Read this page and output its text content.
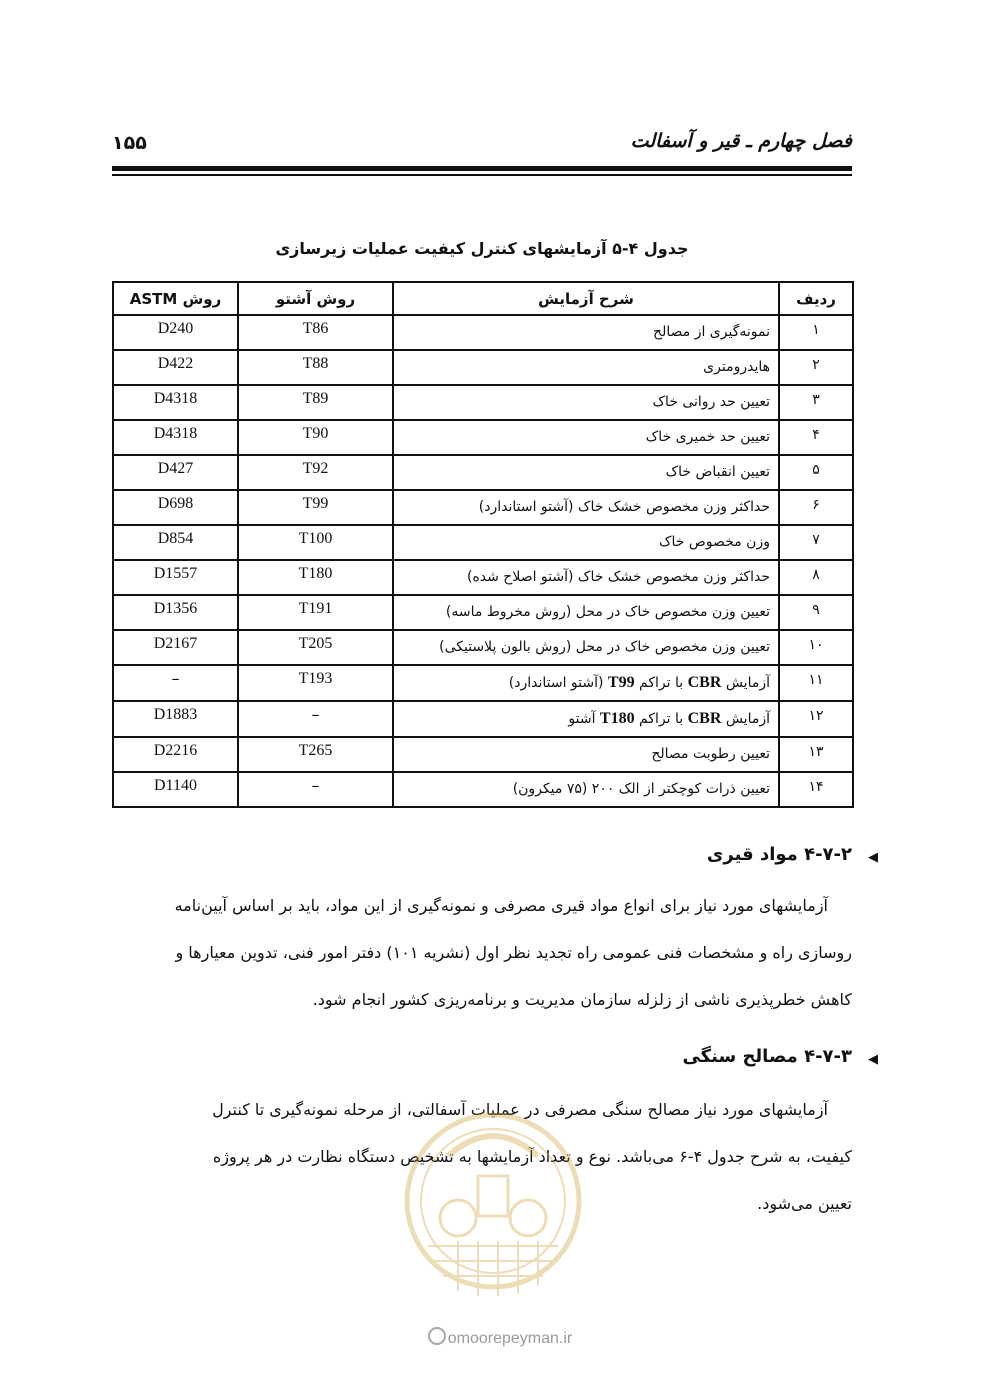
فصل چهارم ـ قیر و آسفالت
۱۵۵
جدول ۴-۵ آزمایشهای کنترل کیفیت عملیات زیرسازی
ردیف	شرح آزمایش	روش آشتو	روش ASTM
۱	نمونه‌گیری از مصالح	T86	D240
۲	هایدرومتری	T88	D422
۳	تعیین حد روانی خاک	T89	D4318
۴	تعیین حد خمیری خاک	T90	D4318
۵	تعیین انقباض خاک	T92	D427
۶	حداکثر وزن مخصوص خشک خاک (آشتو استاندارد)	T99	D698
۷	وزن مخصوص خاک	T100	D854
۸	حداکثر وزن مخصوص خشک خاک (آشتو اصلاح شده)	T180	D1557
۹	تعیین وزن مخصوص خاک در محل (روش مخروط ماسه)	T191	D1356
۱۰	تعیین وزن مخصوص خاک در محل (روش بالون پلاستیکی)	T205	D2167
۱۱	آزمایش CBR با تراکم T99 (آشتو استاندارد)	T193	–
۱۲	آزمایش CBR با تراکم T180 آشتو	–	D1883
۱۳	تعیین رطوبت مصالح	T265	D2216
۱۴	تعیین ذرات کوچکتر از الک ۲۰۰ (۷۵ میکرون)	–	D1140
◀
۴-۷-۲ مواد قیری
آزمایشهای مورد نیاز برای انواع مواد قیری مصرفی و نمونه‌گیری از این مواد، باید بر اساس آیین‌نامه
روسازی راه و مشخصات فنی عمومی راه تجدید نظر اول (نشریه ۱۰۱) دفتر امور فنی، تدوین معیارها و
کاهش خطرپذیری ناشی از زلزله سازمان مدیریت و برنامه‌ریزی کشور انجام شود.
◀
۴-۷-۳ مصالح سنگی
آزمایشهای مورد نیاز مصالح سنگی مصرفی در عملیات آسفالتی، از مرحله نمونه‌گیری تا کنترل
کیفیت، به شرح جدول ۴-۶ می‌باشد. نوع و تعداد آزمایشها به تشخیص دستگاه نظارت در هر پروژه
تعیین می‌شود.
omoorepeyman.ir
